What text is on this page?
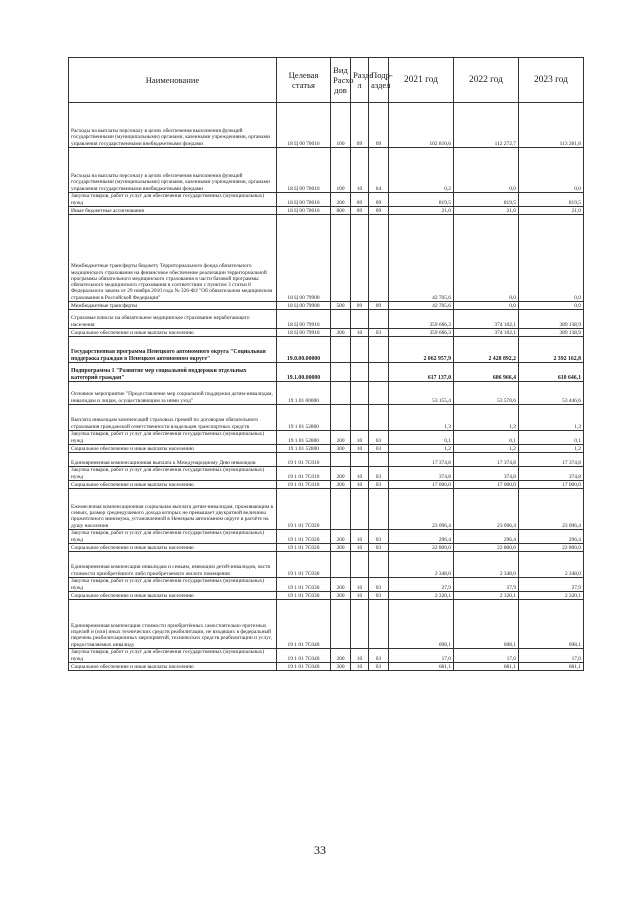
Наименование	Целевая статья	Вид Расхо дов	Разде л	Подр-аздел	2021 год	2022 год	2023 год
Расходы на выплаты персоналу в целях обеспечения выполнения функций государственными (муниципальными) органами, казенными учреждениями, органами управления государственными внебюджетными фондами	18 Ц 00 70010	100	09	09	102 810,6	112 272,7	113 281,8
Расходы на выплаты персоналу в целях обеспечения выполнения функций государственными (муниципальными) органами, казенными учреждениями, органами управления государственными внебюджетными фондами	18 Ц 00 70010	100	10	04	0,2	0,0	0,0
Закупка товаров, работ и услуг для обеспечения государственных (муниципальных) нужд	18 Ц 00 70010	200	09	09	819,5	819,5	819,5
Иные бюджетные ассигнования	18 Ц 00 70010	800	09	09	21,0	21,0	21,0
Межбюджетные трансферты бюджету Территориального фонда обязательного медицинского страхования на финансовое обеспечение реализации территориальной программы обязательного медицинского страхования в части базовой программы обязательного медицинского страхования в соответствии с пунктом 3 статьи 8 Федерального закона от 29 ноября 2010 года № 326-ФЗ "Об обязательном медицинском страховании в Российской Федерации"	18 Ц 00 79900				42 705,6	0,0	0,0
Межбюджетные трансферты	18 Ц 00 79900	500	09	09	42 705,6	0,0	0,0
Страховые взносы на обязательное медицинское страхование неработающего населения	18 Ц 00 79910				359 666,3	374 102,1	389 138,9
Социальное обеспечение и иные выплаты населению	18 Ц 00 79910	300	10	03	359 666,3	374 102,1	389 138,9
Государственная программа Ненецкого автономного округа "Социальная поддержка граждан в Ненецком автономном округе"	19.0.00.00000				2 062 957,9	2 428 892,2	2 392 162,8
Подпрограмма 1 "Развитие мер социальной поддержки отдельных категорий граждан"	19.1.00.00000				617 137,0	606 966,4	610 646,1
Основное мероприятие "Предоставление мер социальной поддержки детям-инвалидам, инвалидам и лицам, осуществляющим за ними уход"	19 1 01 00000				53 155,4	53 570,6	53 446,6
Выплата инвалидам компенсаций страховых премий по договорам обязательного страхования гражданской ответственности владельцев транспортных средств	19 1 01 52800				1,3	1,3	1,3
Закупка товаров, работ и услуг для обеспечения государственных (муниципальных) нужд	19 1 01 52800	200	10	03	0,1	0,1	0,1
Социальное обеспечение и иные выплаты населению	19 1 01 52800	300	10	03	1,2	1,2	1,2
Единовременная компенсационная выплата к Международному Дню инвалидов	19 1 01 7С010				17 374,8	17 374,8	17 374,8
Закупка товаров, работ и услуг для обеспечения государственных (муниципальных) нужд	19 1 01 7С010	200	10	03	374,8	374,8	374,8
Социальное обеспечение и иные выплаты населению	19 1 01 7С010	300	10	03	17 000,0	17 000,0	17 000,0
Ежемесячная компенсационная социальная выплата детям-инвалидам, проживающим в семьях, размер среднедушевого дохода которых не превышает двукратной величины прожиточного минимума, установленной в Ненецком автономном округе в расчёте на душу населения	19 1 01 7С020				23 096,4	23 096,4	23 096,4
Закупка товаров, работ и услуг для обеспечения государственных (муниципальных) нужд	19 1 01 7С020	200	10	03	296,4	296,4	296,4
Социальное обеспечение и иные выплаты населению	19 1 01 7С020	300	10	03	22 800,0	22 800,0	22 800,0
Единовременная компенсация инвалидам и семьям, имеющим детей-инвалидов, части стоимости приобретённого либо приобретаемого жилого помещения	19 1 01 7С030				2 348,0	2 348,0	2 348,0
Закупка товаров, работ и услуг для обеспечения государственных (муниципальных) нужд	19 1 01 7С030	200	10	03	27,9	27,9	27,9
Социальное обеспечение и иные выплаты населению	19 1 01 7С030	300	10	03	2 320,1	2 320,1	2 320,1
Единовременная компенсация стоимости приобретённых самостоятельно протезных изделий и (или) иных технических средств реабилитации, не входящих в федеральный перечень реабилитационных мероприятий, технических средств реабилитации и услуг, предоставляемых инвалиду	19 1 01 7С040				698,1	698,1	698,1
Закупка товаров, работ и услуг для обеспечения государственных (муниципальных) нужд	19 1 01 7С040	200	10	03	17,0	17,0	17,0
Социальное обеспечение и иные выплаты населению	19 1 01 7С040	300	10	03	681,1	681,1	681,1
33
